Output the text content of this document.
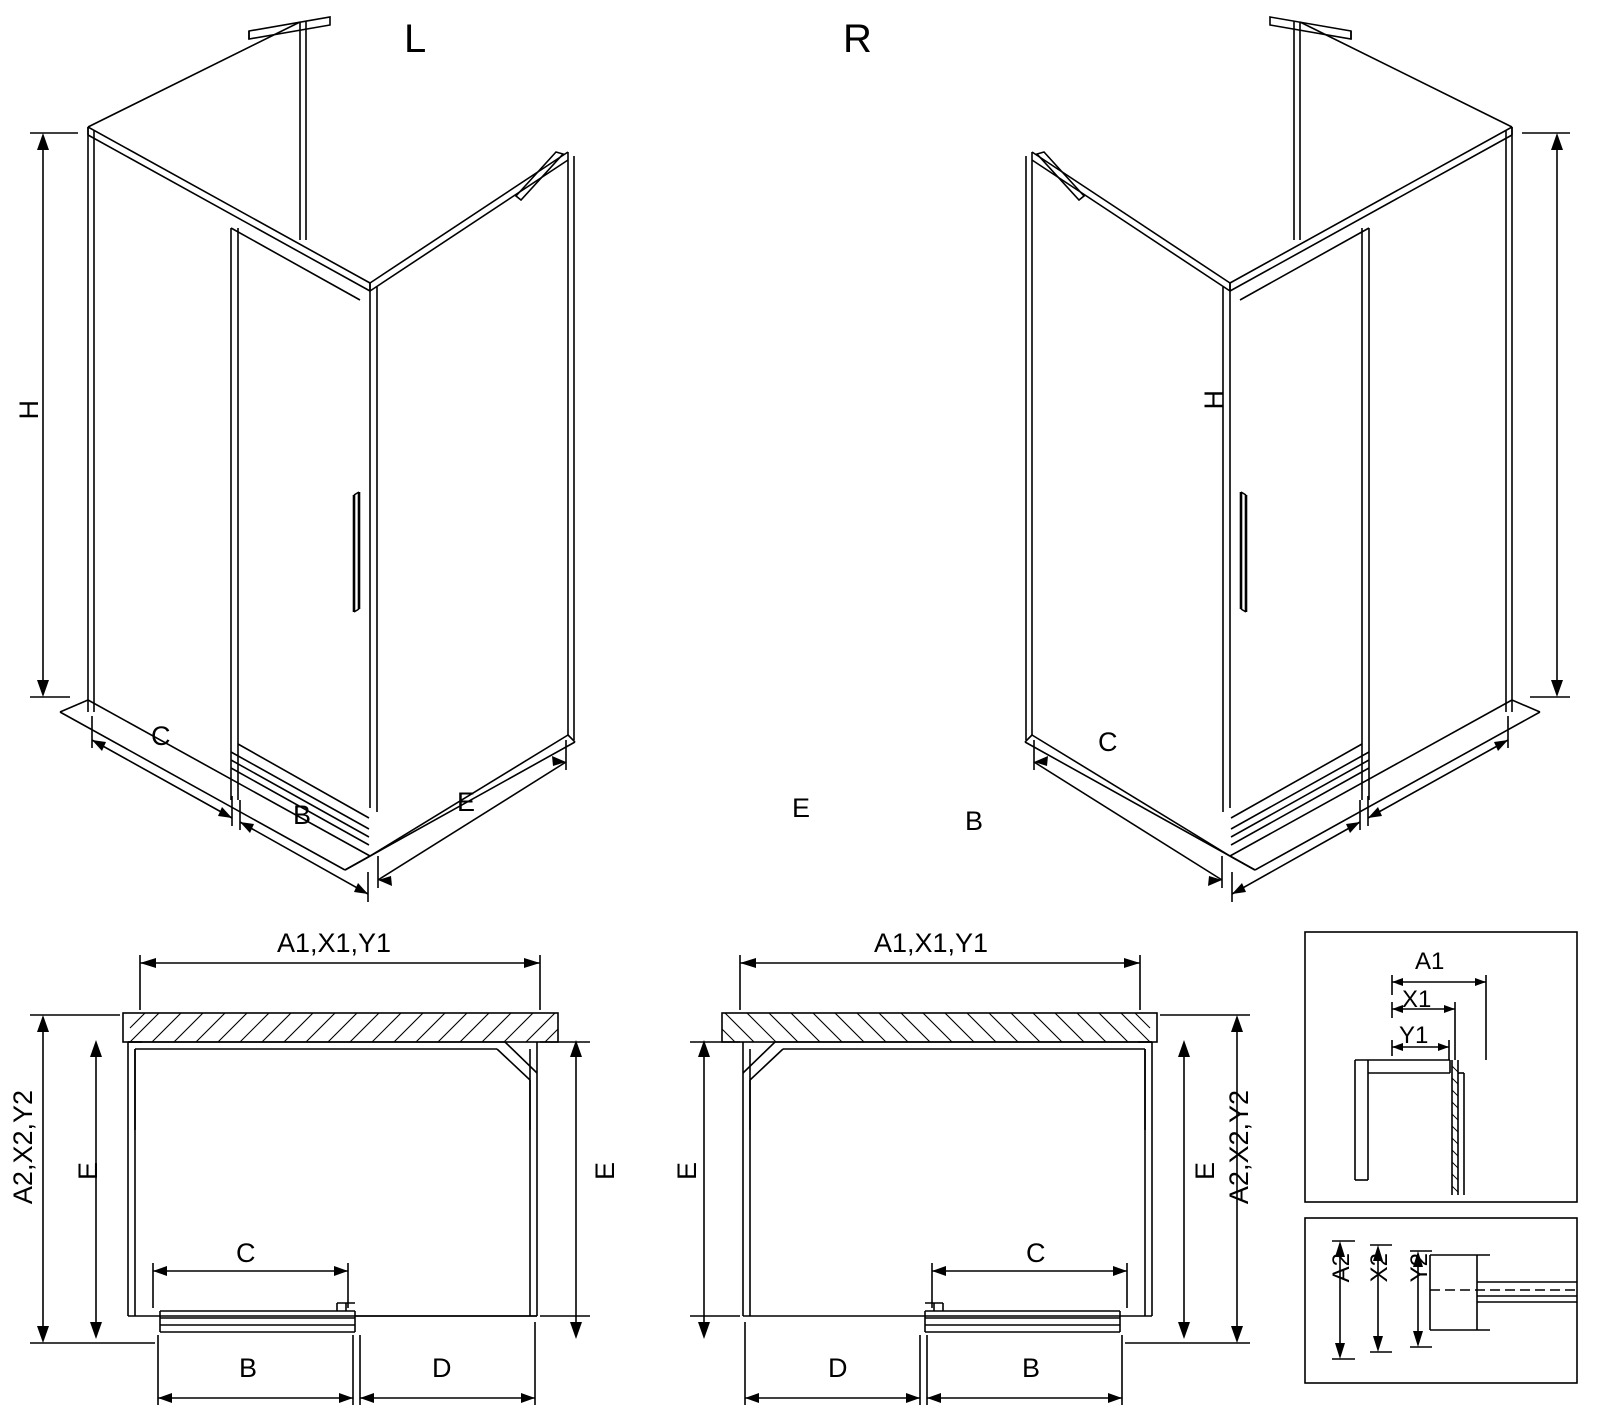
L	R
H
C
B	E
H
C
B
E
A1,X1,Y1
A2,X2,Y2 E	E
C
B	D
A1,X1,Y1
A2,X2,Y2
E	E
C
B
D
A1
X1
Y1
A2 X2 Y2
